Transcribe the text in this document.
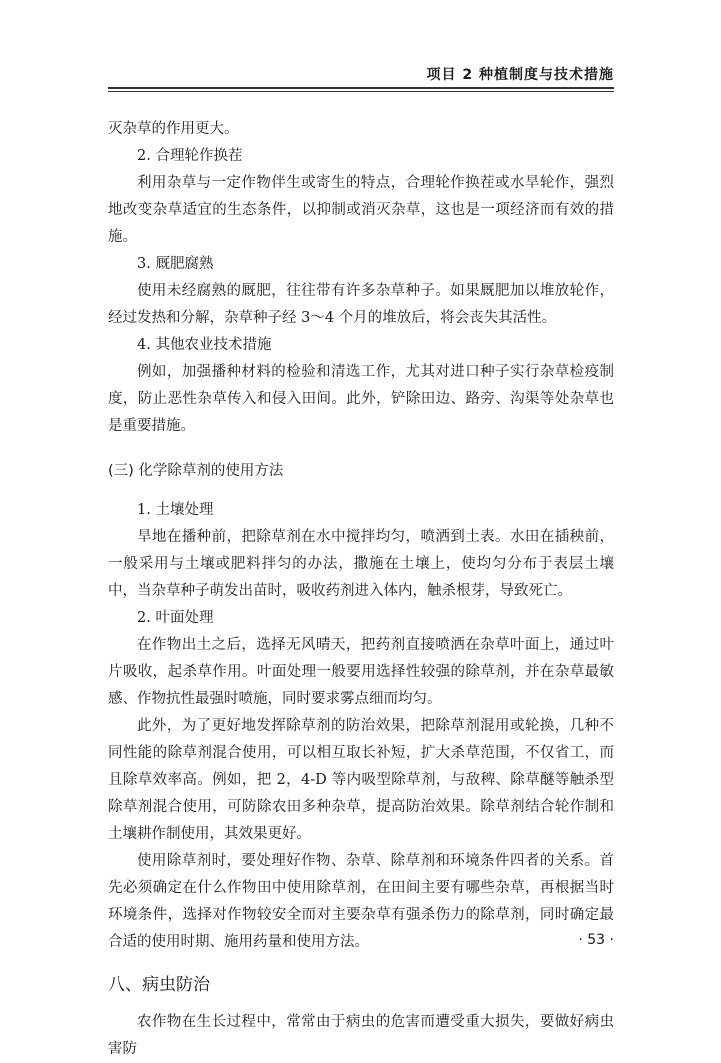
项目 2 种植制度与技术措施

灭杂草的作用更大。

2. 合理轮作换茬

利用杂草与一定作物伴生或寄生的特点，合理轮作换茬或水旱轮作，强烈地改变杂草适宜的生态条件，以抑制或消灭杂草，这也是一项经济而有效的措施。

3. 厩肥腐熟

使用未经腐熟的厩肥，往往带有许多杂草种子。如果厩肥加以堆放轮作，经过发热和分解，杂草种子经 3～4 个月的堆放后，将会丧失其活性。

4. 其他农业技术措施

例如，加强播种材料的检验和清选工作，尤其对进口种子实行杂草检疫制度，防止恶性杂草传入和侵入田间。此外，铲除田边、路旁、沟渠等处杂草也是重要措施。

(三) 化学除草剂的使用方法

1. 土壤处理

旱地在播种前，把除草剂在水中搅拌均匀，喷洒到土表。水田在插秧前，一般采用与土壤或肥料拌匀的办法，撒施在土壤上，使均匀分布于表层土壤中，当杂草种子萌发出苗时，吸收药剂进入体内，触杀根芽，导致死亡。

2. 叶面处理

在作物出土之后，选择无风晴天，把药剂直接喷洒在杂草叶面上，通过叶片吸收，起杀草作用。叶面处理一般要用选择性较强的除草剂，并在杂草最敏感、作物抗性最强时喷施，同时要求雾点细而均匀。

此外，为了更好地发挥除草剂的防治效果，把除草剂混用或轮换，几种不同性能的除草剂混合使用，可以相互取长补短，扩大杀草范围，不仅省工，而且除草效率高。例如，把 2，4-D 等内吸型除草剂，与敌稗、除草醚等触杀型除草剂混合使用，可防除农田多种杂草，提高防治效果。除草剂结合轮作制和土壤耕作制使用，其效果更好。

使用除草剂时，要处理好作物、杂草、除草剂和环境条件四者的关系。首先必须确定在什么作物田中使用除草剂，在田间主要有哪些杂草，再根据当时环境条件，选择对作物较安全而对主要杂草有强杀伤力的除草剂，同时确定最合适的使用时期、施用药量和使用方法。

八、病虫防治

农作物在生长过程中，常常由于病虫的危害而遭受重大损失，要做好病虫害防

· 53 ·
